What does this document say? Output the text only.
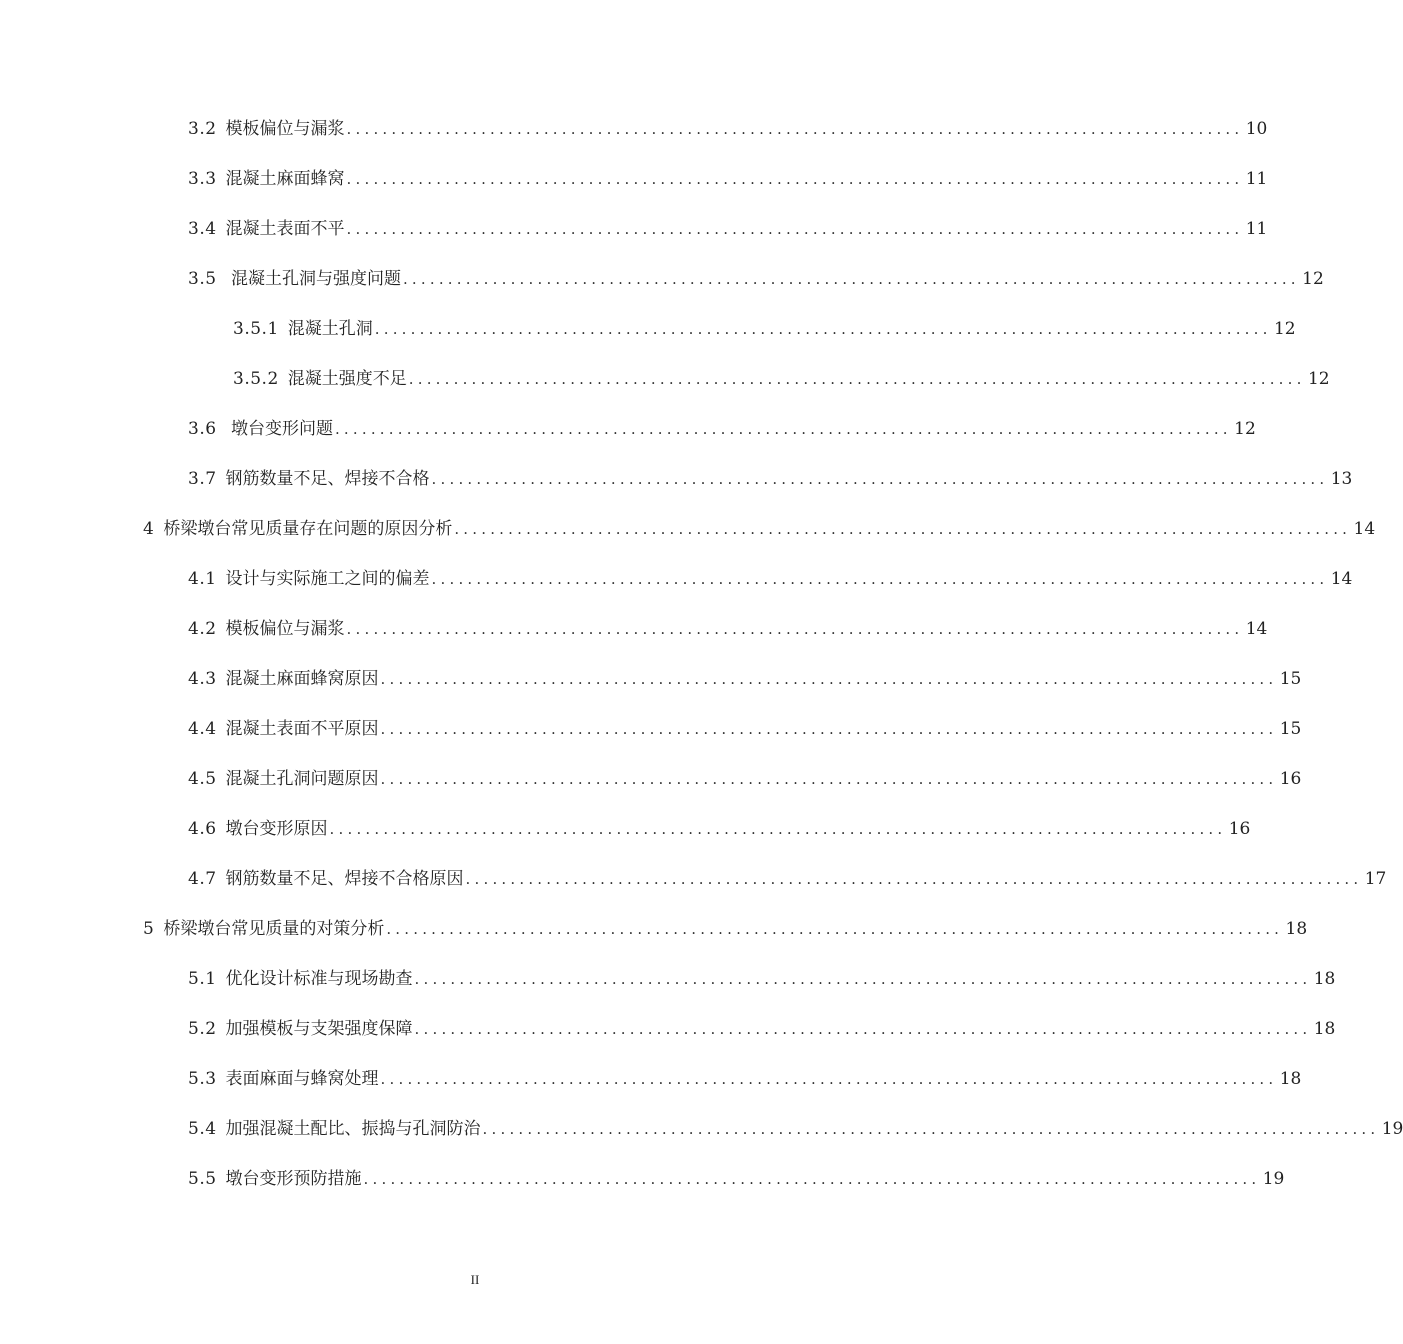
3.2 模板偏位与漏浆 .................................................................................................... 10
3.3 混凝土麻面蜂窝 .................................................................................................... 11
3.4 混凝土表面不平 .................................................................................................... 11
3.5 混凝土孔洞与强度问题 .................................................................................................... 12
3.5.1 混凝土孔洞 .................................................................................................... 12
3.5.2 混凝土强度不足 .................................................................................................... 12
3.6 墩台变形问题 .................................................................................................... 12
3.7 钢筋数量不足、焊接不合格 .................................................................................................... 13
4 桥梁墩台常见质量存在问题的原因分析 .................................................................................................... 14
4.1 设计与实际施工之间的偏差 .................................................................................................... 14
4.2 模板偏位与漏浆 .................................................................................................... 14
4.3 混凝土麻面蜂窝原因 .................................................................................................... 15
4.4 混凝土表面不平原因 .................................................................................................... 15
4.5 混凝土孔洞问题原因 .................................................................................................... 16
4.6 墩台变形原因 .................................................................................................... 16
4.7 钢筋数量不足、焊接不合格原因 .................................................................................................... 17
5 桥梁墩台常见质量的对策分析 .................................................................................................... 18
5.1 优化设计标准与现场勘查 .................................................................................................... 18
5.2 加强模板与支架强度保障 .................................................................................................... 18
5.3 表面麻面与蜂窝处理 .................................................................................................... 18
5.4 加强混凝土配比、振捣与孔洞防治 .................................................................................................... 19
5.5 墩台变形预防措施 .................................................................................................... 19
II
